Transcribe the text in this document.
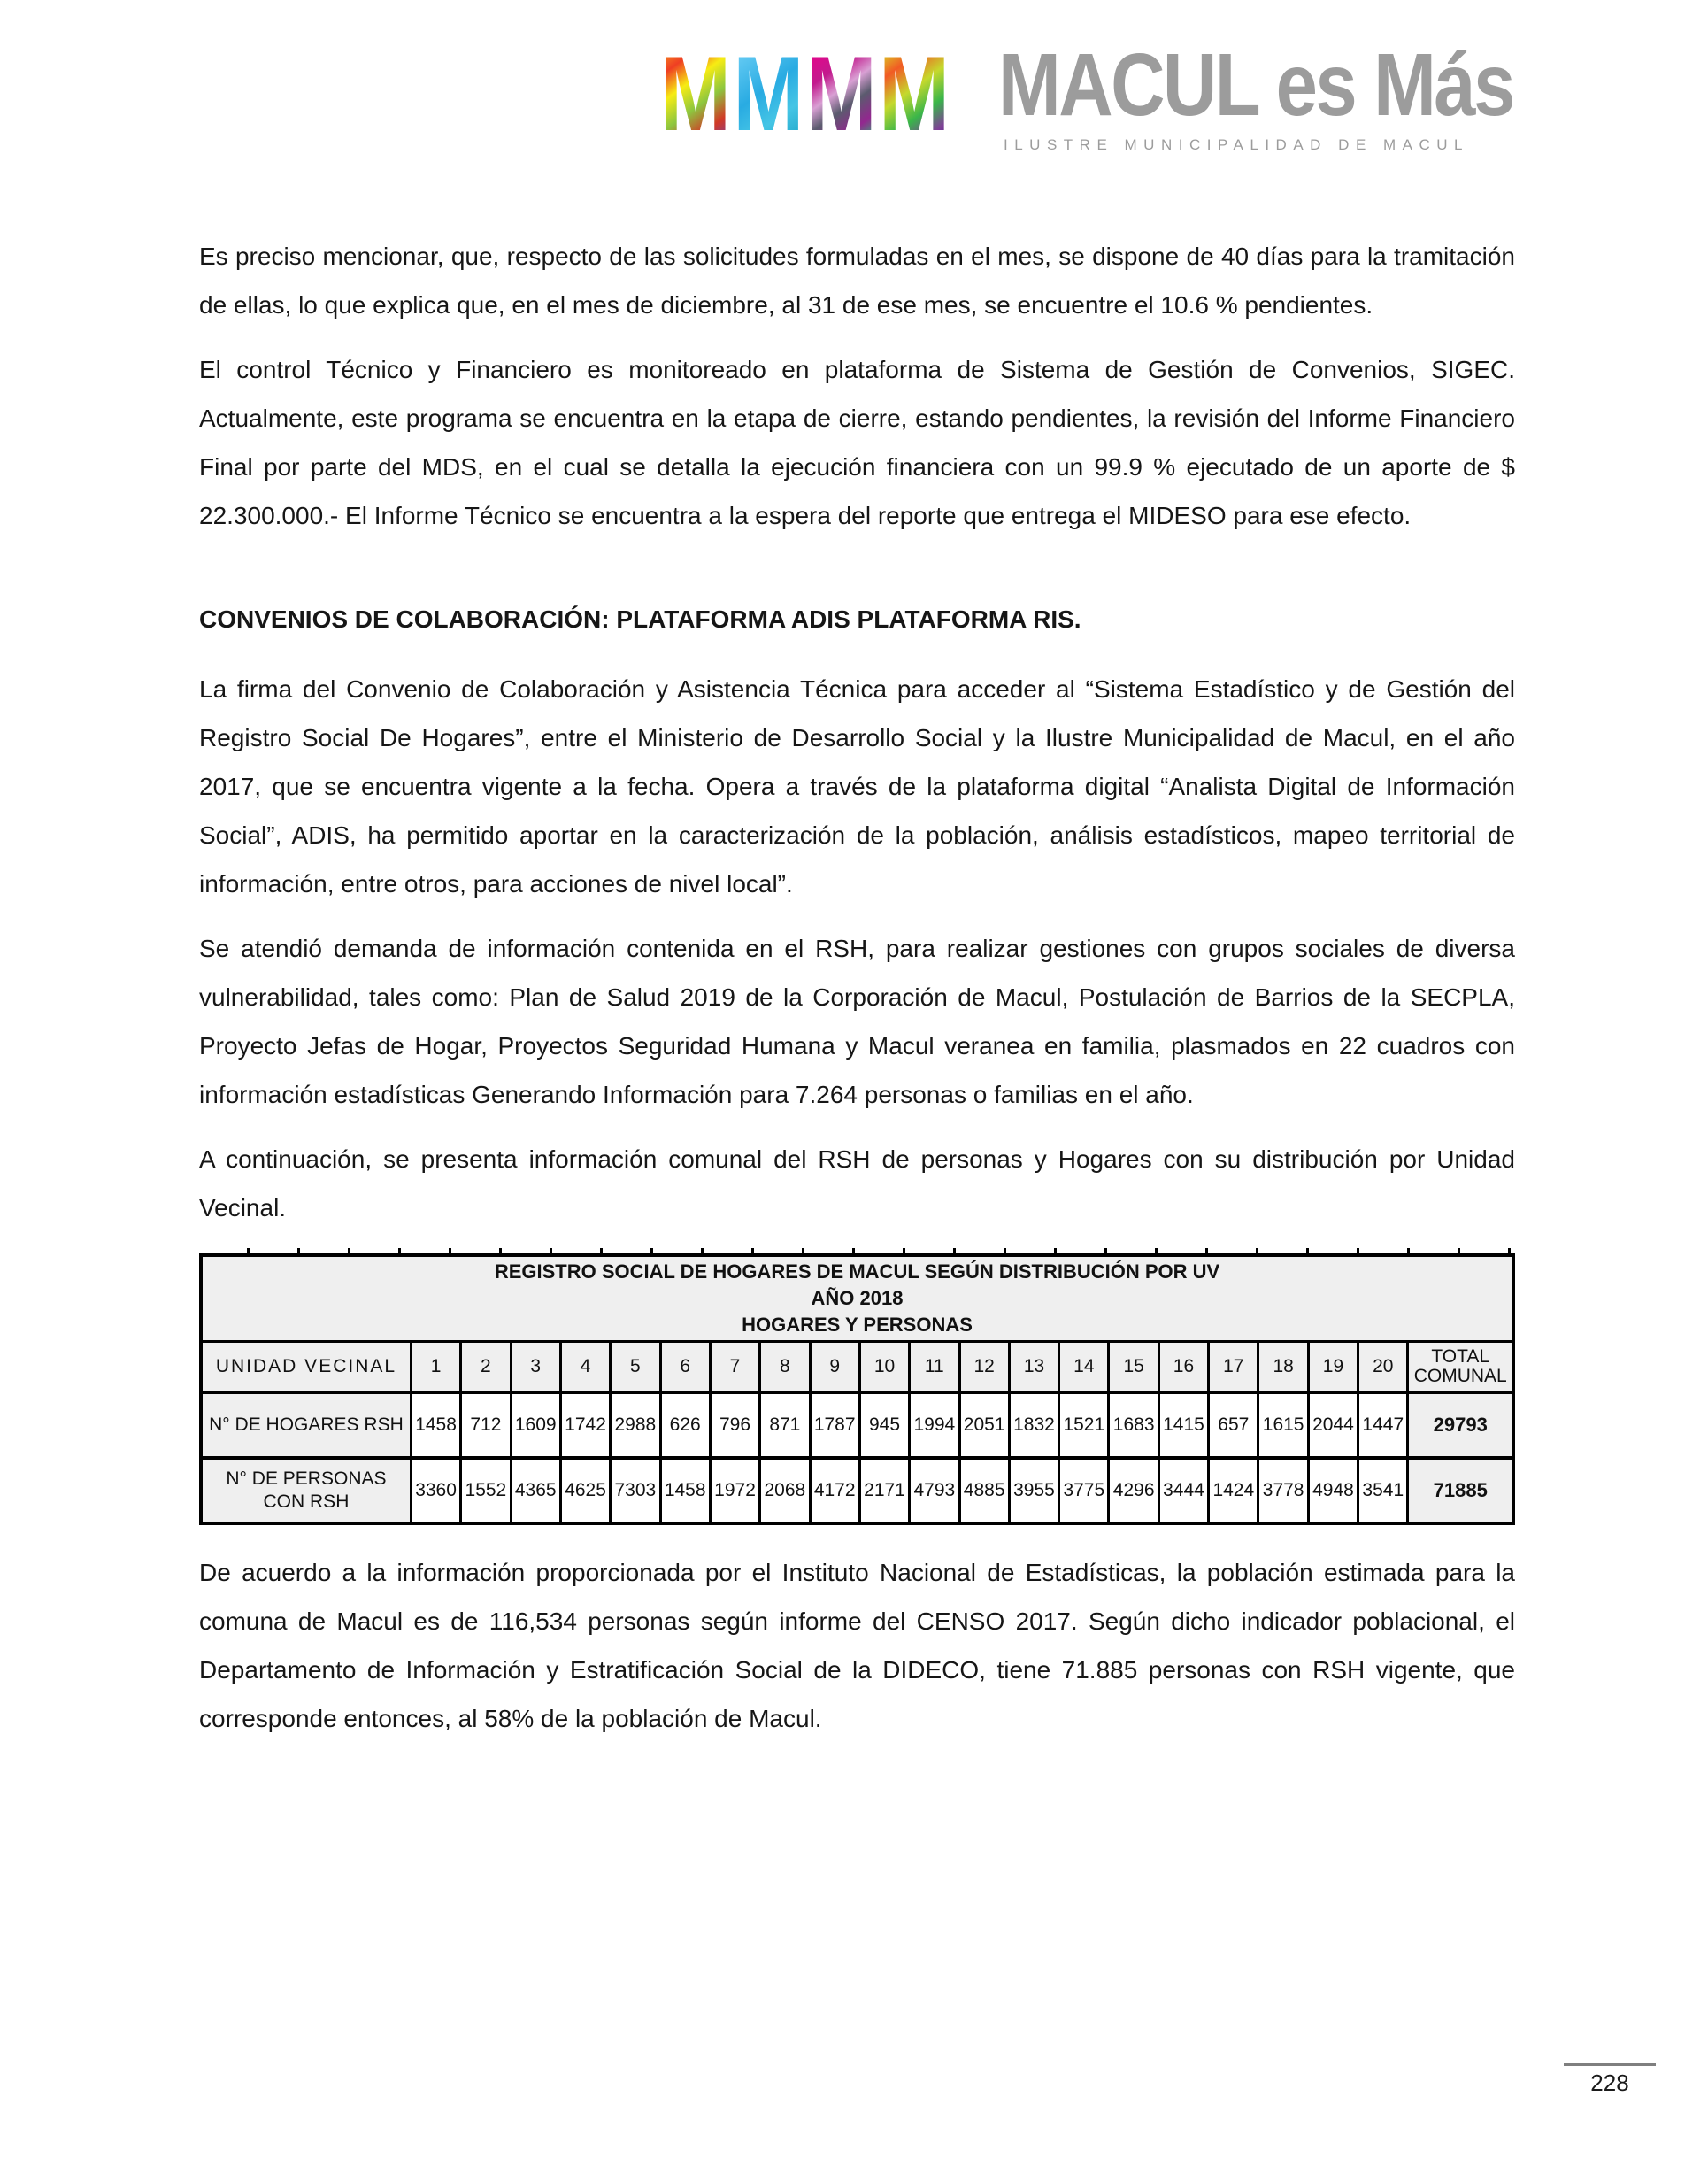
M M M M MACUL es Más
ILUSTRE MUNICIPALIDAD DE MACUL

Es preciso mencionar, que, respecto de las solicitudes formuladas en el mes, se dispone de 40 días para la tramitación de ellas, lo que explica que, en el mes de diciembre, al 31 de ese mes, se encuentre el 10.6 % pendientes.

El control Técnico y Financiero es monitoreado en plataforma de Sistema de Gestión de Convenios, SIGEC. Actualmente, este programa se encuentra en la etapa de cierre, estando pendientes, la revisión del Informe Financiero Final por parte del MDS, en el cual se detalla la ejecución financiera con un 99.9 % ejecutado de un aporte de $ 22.300.000.- El Informe Técnico se encuentra a la espera del reporte que entrega el MIDESO para ese efecto.

CONVENIOS DE COLABORACIÓN: PLATAFORMA ADIS PLATAFORMA RIS.

La firma del Convenio de Colaboración y Asistencia Técnica para acceder al “Sistema Estadístico y de Gestión del Registro Social De Hogares”, entre el Ministerio de Desarrollo Social y la Ilustre Municipalidad de Macul, en el año 2017, que se encuentra vigente a la fecha. Opera a través de la plataforma digital “Analista Digital de Información Social”, ADIS, ha permitido aportar en la caracterización de la población, análisis estadísticos, mapeo territorial de información, entre otros, para acciones de nivel local”.

Se atendió demanda de información contenida en el RSH, para realizar gestiones con grupos sociales de diversa vulnerabilidad, tales como: Plan de Salud 2019 de la Corporación de Macul, Postulación de Barrios de la SECPLA, Proyecto Jefas de Hogar, Proyectos Seguridad Humana y Macul veranea en familia, plasmados en 22 cuadros con información estadísticas Generando Información para 7.264 personas o familias en el año.

A continuación, se presenta información comunal del RSH de personas y Hogares con su distribución por Unidad Vecinal.

REGISTRO SOCIAL DE HOGARES DE MACUL SEGÚN DISTRIBUCIÓN POR UV
AÑO 2018
HOGARES Y PERSONAS																					

UNIDAD VECINAL	1	2	3	4	5	6	7	8	9	10	11	12	13	14	15	16	17	18	19	20	TOTAL COMUNAL
N° DE HOGARES RSH	1458	712	1609	1742	2988	626	796	871	1787	945	1994	2051	1832	1521	1683	1415	657	1615	2044	1447	29793
N° DE PERSONAS CON RSH	3360	1552	4365	4625	7303	1458	1972	2068	4172	2171	4793	4885	3955	3775	4296	3444	1424	3778	4948	3541	71885

De acuerdo a la información proporcionada por el Instituto Nacional de Estadísticas, la población estimada para la comuna de Macul es de 116,534 personas según informe del CENSO 2017. Según dicho indicador poblacional, el Departamento de Información y Estratificación Social de la DIDECO, tiene 71.885 personas con RSH vigente, que corresponde entonces, al 58% de la población de Macul.

228
